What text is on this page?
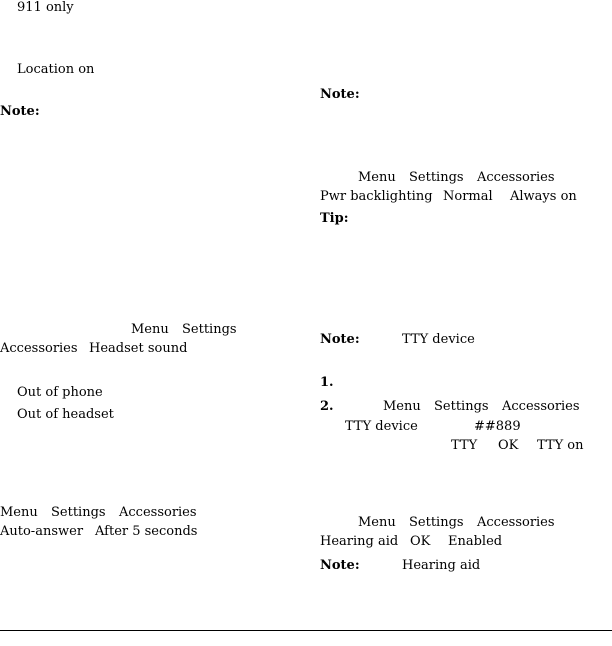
911 only
Location on
Note:
Menu Settings
Accessories Headset sound
Out of phone
Out of headset
Menu Settings Accessories
Auto-answer After 5 seconds
Note:
Menu Settings Accessories
Pwr backlighting Normal Always on
Tip:
Note:	TTY device
1.
2.	Menu Settings Accessories
TTY device	##889
TTY OK TTY on
Menu Settings Accessories
Hearing aid OK Enabled
Note:	Hearing aid
